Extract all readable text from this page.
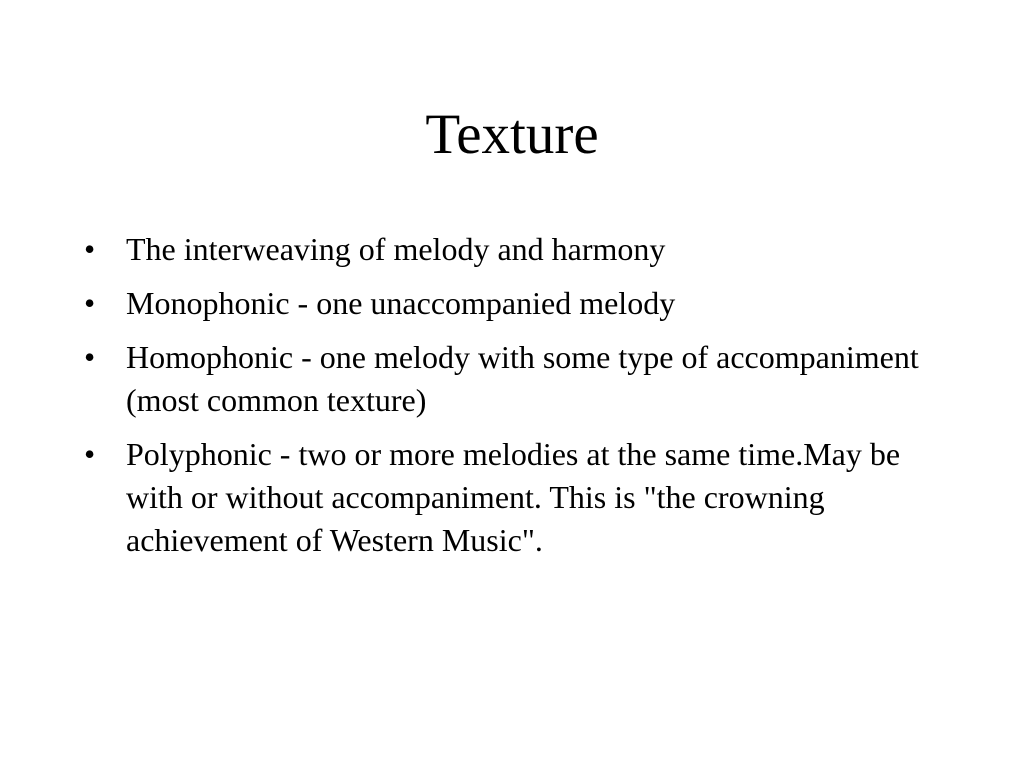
Texture
• The interweaving of melody and harmony
• Monophonic - one unaccompanied melody
• Homophonic - one melody with some type of accompaniment (most common texture)
• Polyphonic - two or more melodies at the same time.May be with or without accompaniment. This is "the crowning achievement of Western Music".
